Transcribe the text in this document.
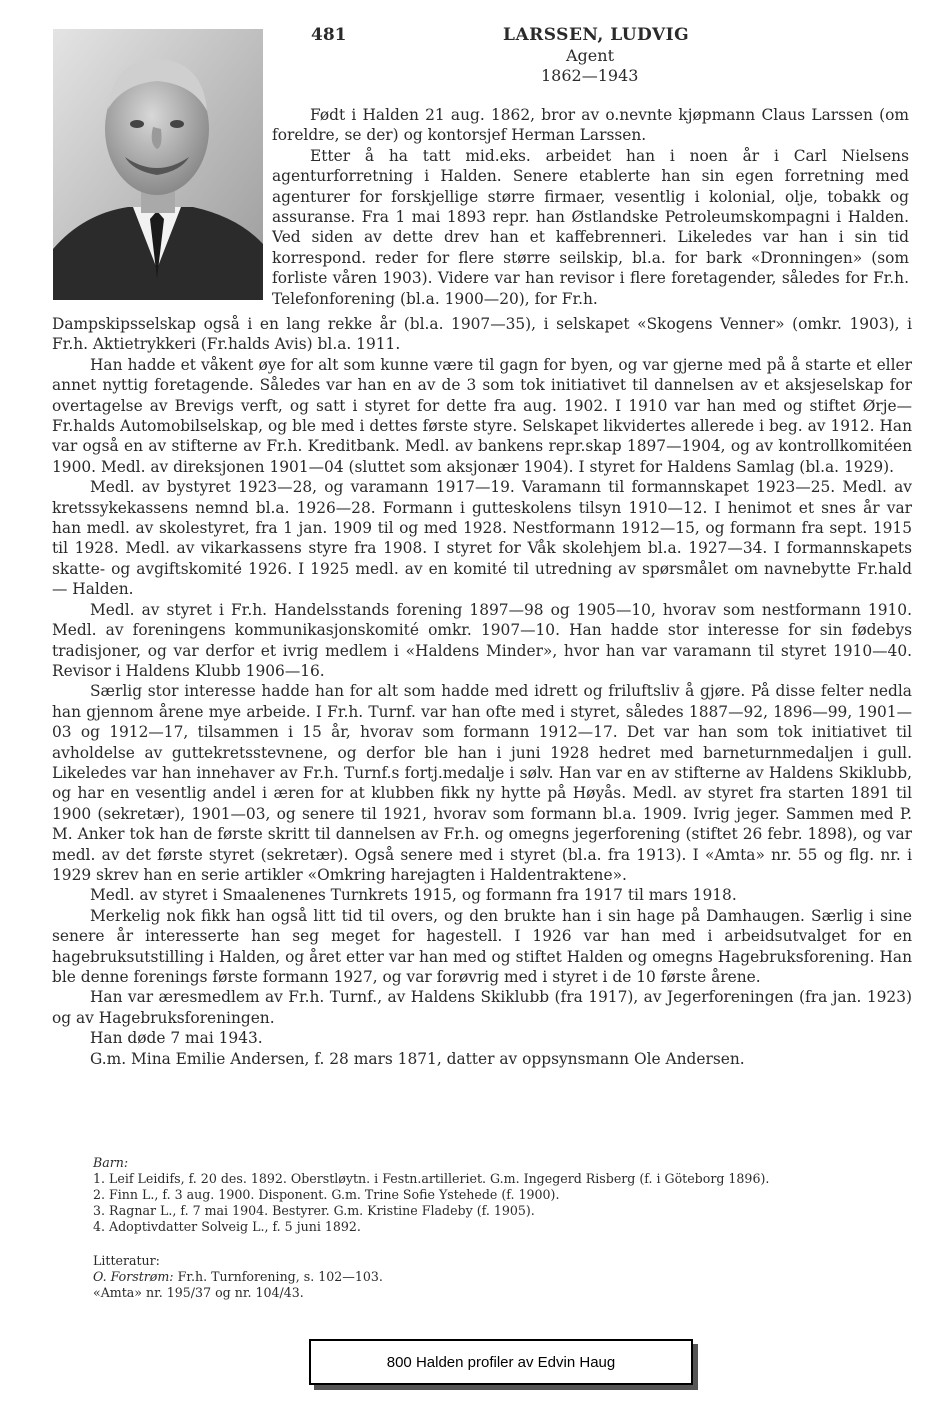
481	LARSSEN, LUDVIG
Agent
1862—1943

Født i Halden 21 aug. 1862, bror av o.nevnte kjøpmann Claus Larssen (om foreldre, se der) og kontorsjef Herman Larssen.

Etter å ha tatt mid.eks. arbeidet han i noen år i Carl Nielsens agenturforretning i Halden. Senere etablerte han sin egen forretning med agenturer for forskjellige større firmaer, vesentlig i kolonial, olje, tobakk og assuranse. Fra 1 mai 1893 repr. han Østlandske Petroleumskompagni i Halden. Ved siden av dette drev han et kaffebrenneri. Likeledes var han i sin tid korrespond. reder for flere større seilskip, bl.a. for bark «Dronningen» (som forliste våren 1903). Videre var han revisor i flere foretagender, således for Fr.h. Telefonforening (bl.a. 1900—20), for Fr.h.

Dampskipsselskap også i en lang rekke år (bl.a. 1907—35), i selskapet «Skogens Venner» (omkr. 1903), i Fr.h. Aktietrykkeri (Fr.halds Avis) bl.a. 1911.

Han hadde et våkent øye for alt som kunne være til gagn for byen, og var gjerne med på å starte et eller annet nyttig foretagende. Således var han en av de 3 som tok initiativet til dannelsen av et aksjeselskap for overtagelse av Brevigs verft, og satt i styret for dette fra aug. 1902. I 1910 var han med og stiftet Ørje—Fr.halds Automobilselskap, og ble med i dettes første styre. Selskapet likvidertes allerede i beg. av 1912. Han var også en av stifterne av Fr.h. Kreditbank. Medl. av bankens repr.skap 1897—1904, og av kontrollkomitéen 1900. Medl. av direksjonen 1901—04 (sluttet som aksjonær 1904). I styret for Haldens Samlag (bl.a. 1929).

Medl. av bystyret 1923—28, og varamann 1917—19. Varamann til formannskapet 1923—25. Medl. av kretssykekassens nemnd bl.a. 1926—28. Formann i gutteskolens tilsyn 1910—12. I henimot et snes år var han medl. av skolestyret, fra 1 jan. 1909 til og med 1928. Nestformann 1912—15, og formann fra sept. 1915 til 1928. Medl. av vikarkassens styre fra 1908. I styret for Våk skolehjem bl.a. 1927—34. I formannskapets skatte- og avgiftskomité 1926. I 1925 medl. av en komité til utredning av spørsmålet om navnebytte Fr.hald — Halden.

Medl. av styret i Fr.h. Handelsstands forening 1897—98 og 1905—10, hvorav som nestformann 1910. Medl. av foreningens kommunikasjonskomité omkr. 1907—10. Han hadde stor interesse for sin fødebys tradisjoner, og var derfor et ivrig medlem i «Haldens Minder», hvor han var varamann til styret 1910—40. Revisor i Haldens Klubb 1906—16.

Særlig stor interesse hadde han for alt som hadde med idrett og friluftsliv å gjøre. På disse felter nedla han gjennom årene mye arbeide. I Fr.h. Turnf. var han ofte med i styret, således 1887—92, 1896—99, 1901—03 og 1912—17, tilsammen i 15 år, hvorav som formann 1912—17. Det var han som tok initiativet til avholdelse av guttekretsstevnene, og derfor ble han i juni 1928 hedret med barneturnmedaljen i gull. Likeledes var han innehaver av Fr.h. Turnf.s fortj.medalje i sølv. Han var en av stifterne av Haldens Skiklubb, og har en vesentlig andel i æren for at klubben fikk ny hytte på Høyås. Medl. av styret fra starten 1891 til 1900 (sekretær), 1901—03, og senere til 1921, hvorav som formann bl.a. 1909. Ivrig jeger. Sammen med P. M. Anker tok han de første skritt til dannelsen av Fr.h. og omegns jegerforening (stiftet 26 febr. 1898), og var medl. av det første styret (sekretær). Også senere med i styret (bl.a. fra 1913). I «Amta» nr. 55 og flg. nr. i 1929 skrev han en serie artikler «Omkring harejagten i Haldentraktene».

Medl. av styret i Smaalenenes Turnkrets 1915, og formann fra 1917 til mars 1918.

Merkelig nok fikk han også litt tid til overs, og den brukte han i sin hage på Damhaugen. Særlig i sine senere år interesserte han seg meget for hagestell. I 1926 var han med i arbeidsutvalget for en hagebruksutstilling i Halden, og året etter var han med og stiftet Halden og omegns Hagebruksforening. Han ble denne forenings første formann 1927, og var forøvrig med i styret i de 10 første årene.

Han var æresmedlem av Fr.h. Turnf., av Haldens Skiklubb (fra 1917), av Jegerforeningen (fra jan. 1923) og av Hagebruksforeningen.

Han døde 7 mai 1943.

G.m. Mina Emilie Andersen, f. 28 mars 1871, datter av oppsynsmann Ole Andersen.

Barn:
1. Leif Leidifs, f. 20 des. 1892. Oberstløytn. i Festn.artilleriet. G.m. Ingegerd Risberg (f. i Göteborg 1896).
2. Finn L., f. 3 aug. 1900. Disponent. G.m. Trine Sofie Ystehede (f. 1900).
3. Ragnar L., f. 7 mai 1904. Bestyrer. G.m. Kristine Fladeby (f. 1905).
4. Adoptivdatter Solveig L., f. 5 juni 1892.
Litteratur:
O. Forstrøm: Fr.h. Turnforening, s. 102—103.
«Amta» nr. 195/37 og nr. 104/43.
800 Halden profiler av Edvin Haug
